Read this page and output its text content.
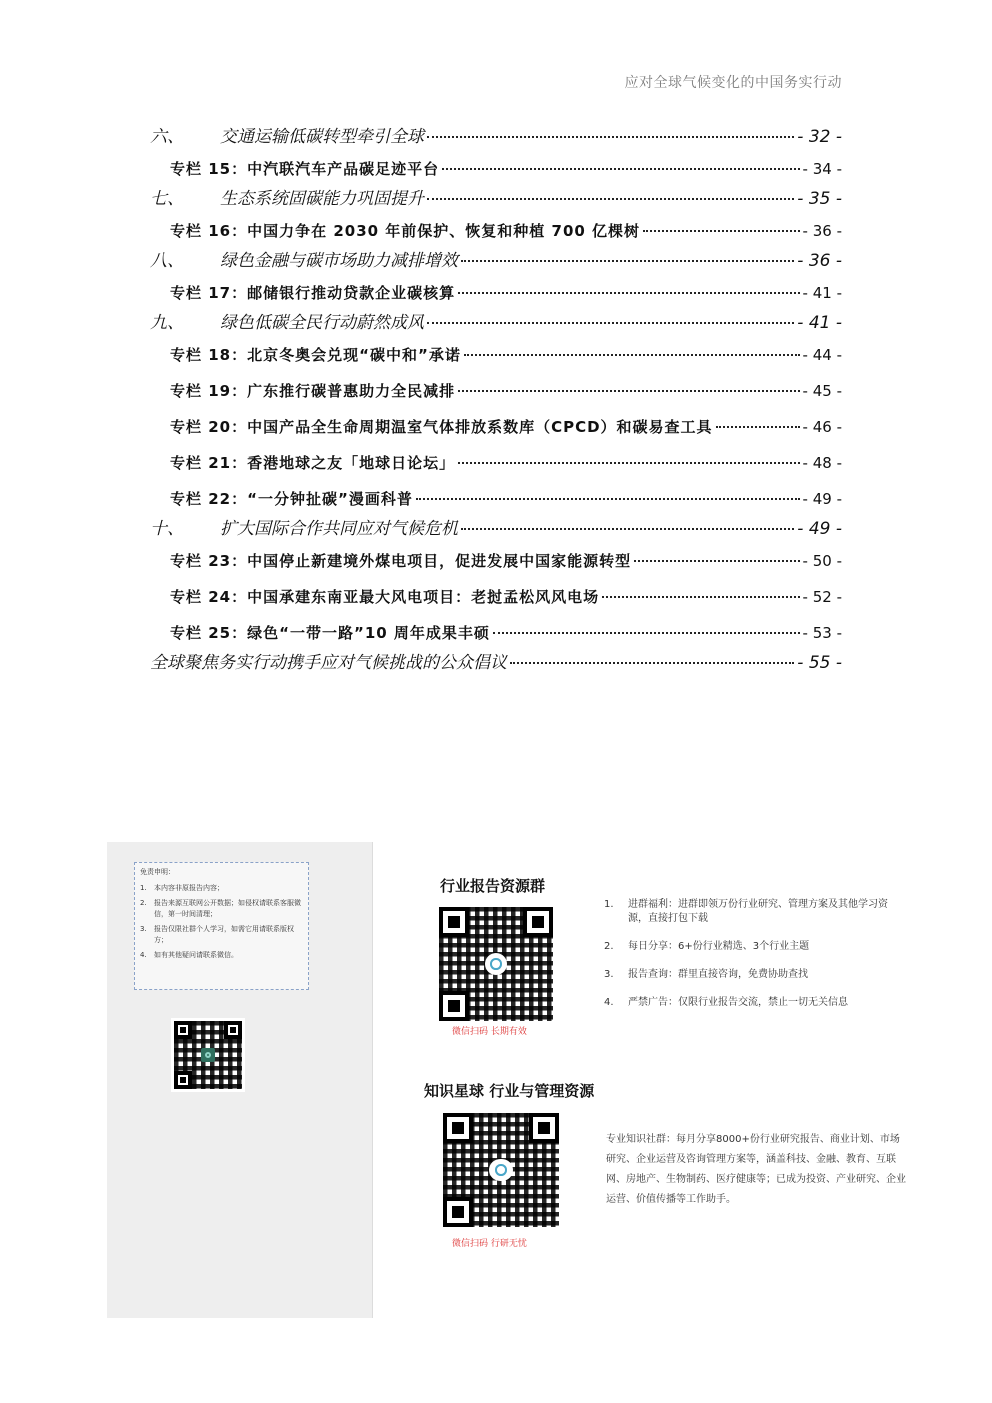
应对全球气候变化的中国务实行动
六、	交通运输低碳转型牵引全球	- 32 -
专栏 15：中汽联汽车产品碳足迹平台	- 34 -
七、	生态系统固碳能力巩固提升	- 35 -
专栏 16：中国力争在 2030 年前保护、恢复和种植 700 亿棵树	- 36 -
八、	绿色金融与碳市场助力减排增效	- 36 -
专栏 17：邮储银行推动贷款企业碳核算	- 41 -
九、	绿色低碳全民行动蔚然成风	- 41 -
专栏 18：北京冬奥会兑现“碳中和”承诺	- 44 -
专栏 19：广东推行碳普惠助力全民减排	- 45 -
专栏 20：中国产品全生命周期温室气体排放系数库（CPCD）和碳易查工具	- 46 -
专栏 21：香港地球之友「地球日论坛」	- 48 -
专栏 22：“一分钟扯碳”漫画科普	- 49 -
十、	扩大国际合作共同应对气候危机	- 49 -
专栏 23：中国停止新建境外煤电项目，促进发展中国家能源转型	- 50 -
专栏 24：中国承建东南亚最大风电项目：老挝孟松风风电场	- 52 -
专栏 25：绿色“一带一路”10 周年成果丰硕	- 53 -
全球聚焦务实行动携手应对气候挑战的公众倡议	- 55 -
免责申明：
1.	本内容非原报告内容；
2.	报告来源互联网公开数据；如侵权请联系客服微信，第一时间清理；
3.	报告仅限社群个人学习，如需它用请联系版权方；
4.	如有其他疑问请联系微信。
行业报告资源群
微信扫码 长期有效
1.	进群福利：进群即领万份行业研究、管理方案及其他学习资源，直接打包下载
2.	每日分享：6+份行业精选、3个行业主题
3.	报告查询：群里直接咨询，免费协助查找
4.	严禁广告：仅限行业报告交流，禁止一切无关信息
知识星球 行业与管理资源
微信扫码 行研无忧
专业知识社群：每月分享8000+份行业研究报告、商业计划、市场研究、企业运营及咨询管理方案等，涵盖科技、金融、教育、互联网、房地产、生物制药、医疗健康等；已成为投资、产业研究、企业运营、价值传播等工作助手。
